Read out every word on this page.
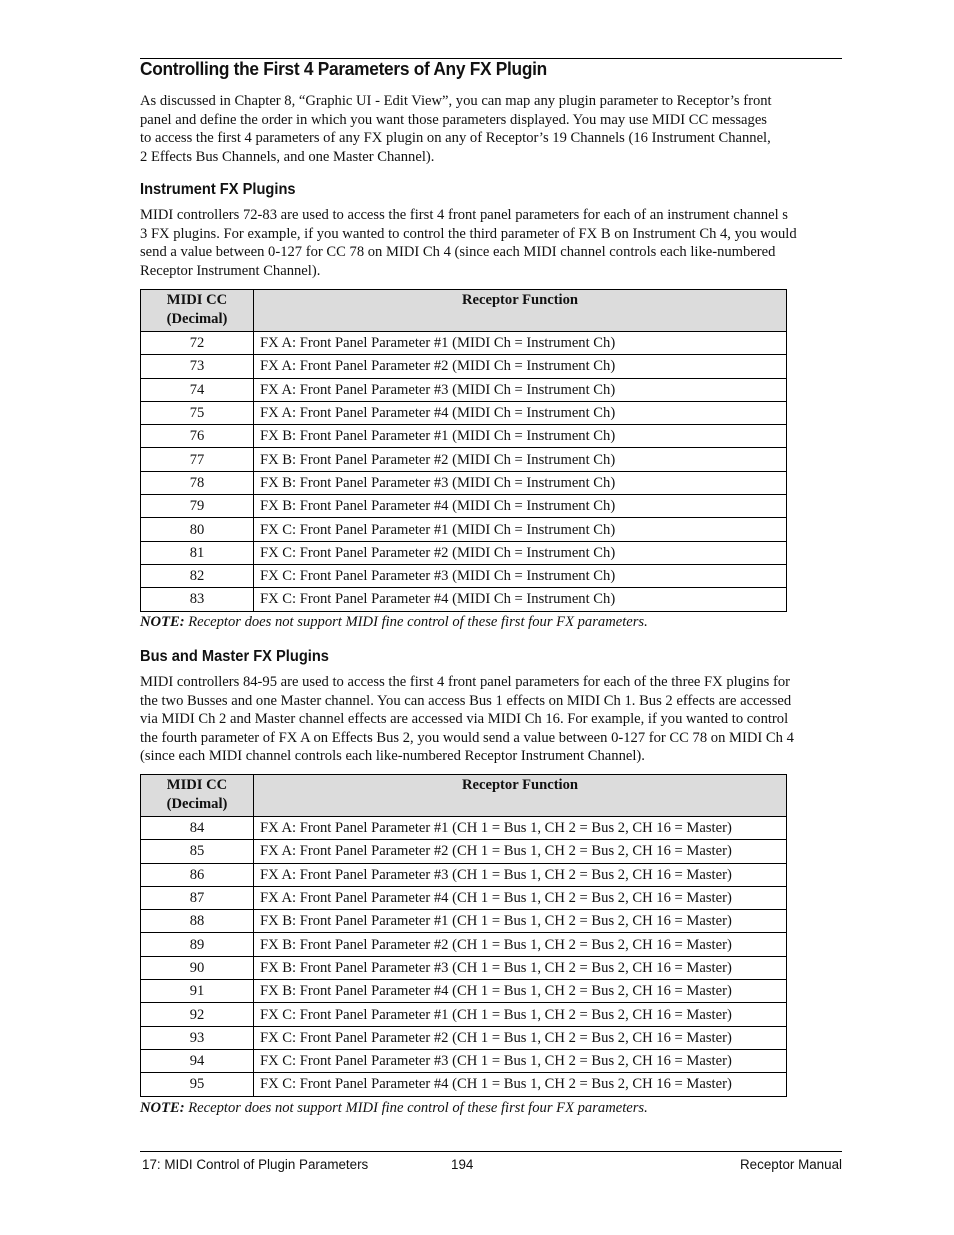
Controlling the First 4 Parameters of Any FX Plugin
As discussed in Chapter 8, “Graphic UI - Edit View”, you can map any plugin parameter to Receptor’s front
panel and define the order in which you want those parameters displayed. You may use MIDI CC messages
to access the first 4 parameters of any FX plugin on any of Receptor’s 19 Channels (16 Instrument Channel,
2 Effects Bus Channels, and one Master Channel).
Instrument FX Plugins
MIDI controllers 72-83 are used to access the first 4 front panel parameters for each of an instrument channel s
3 FX plugins. For example, if you wanted to control the third parameter of FX B on Instrument Ch 4, you would
send a value between 0-127 for CC 78 on MIDI Ch 4 (since each MIDI channel controls each like-numbered
Receptor Instrument Channel).
MIDI CC
(Decimal)	Receptor Function
72	FX A: Front Panel Parameter #1 (MIDI Ch = Instrument Ch)
73	FX A: Front Panel Parameter #2 (MIDI Ch = Instrument Ch)
74	FX A: Front Panel Parameter #3 (MIDI Ch = Instrument Ch)
75	FX A: Front Panel Parameter #4 (MIDI Ch = Instrument Ch)
76	FX B: Front Panel Parameter #1 (MIDI Ch = Instrument Ch)
77	FX B: Front Panel Parameter #2 (MIDI Ch = Instrument Ch)
78	FX B: Front Panel Parameter #3 (MIDI Ch = Instrument Ch)
79	FX B: Front Panel Parameter #4 (MIDI Ch = Instrument Ch)
80	FX C: Front Panel Parameter #1 (MIDI Ch = Instrument Ch)
81	FX C: Front Panel Parameter #2 (MIDI Ch = Instrument Ch)
82	FX C: Front Panel Parameter #3 (MIDI Ch = Instrument Ch)
83	FX C: Front Panel Parameter #4 (MIDI Ch = Instrument Ch)
NOTE: Receptor does not support MIDI fine control of these first four FX parameters.
Bus and Master FX Plugins
MIDI controllers 84-95 are used to access the first 4 front panel parameters for each of the three FX plugins for
the two Busses and one Master channel. You can access Bus 1 effects on MIDI Ch 1. Bus 2 effects are accessed
via MIDI Ch 2 and Master channel effects are accessed via MIDI Ch 16. For example, if you wanted to control
the fourth parameter of FX A on Effects Bus 2, you would send a value between 0-127 for CC 78 on MIDI Ch 4
(since each MIDI channel controls each like-numbered Receptor Instrument Channel).
MIDI CC
(Decimal)	Receptor Function
84	FX A: Front Panel Parameter #1 (CH 1 = Bus 1, CH 2 = Bus 2, CH 16 = Master)
85	FX A: Front Panel Parameter #2 (CH 1 = Bus 1, CH 2 = Bus 2, CH 16 = Master)
86	FX A: Front Panel Parameter #3 (CH 1 = Bus 1, CH 2 = Bus 2, CH 16 = Master)
87	FX A: Front Panel Parameter #4 (CH 1 = Bus 1, CH 2 = Bus 2, CH 16 = Master)
88	FX B: Front Panel Parameter #1 (CH 1 = Bus 1, CH 2 = Bus 2, CH 16 = Master)
89	FX B: Front Panel Parameter #2 (CH 1 = Bus 1, CH 2 = Bus 2, CH 16 = Master)
90	FX B: Front Panel Parameter #3 (CH 1 = Bus 1, CH 2 = Bus 2, CH 16 = Master)
91	FX B: Front Panel Parameter #4 (CH 1 = Bus 1, CH 2 = Bus 2, CH 16 = Master)
92	FX C: Front Panel Parameter #1 (CH 1 = Bus 1, CH 2 = Bus 2, CH 16 = Master)
93	FX C: Front Panel Parameter #2 (CH 1 = Bus 1, CH 2 = Bus 2, CH 16 = Master)
94	FX C: Front Panel Parameter #3 (CH 1 = Bus 1, CH 2 = Bus 2, CH 16 = Master)
95	FX C: Front Panel Parameter #4 (CH 1 = Bus 1, CH 2 = Bus 2, CH 16 = Master)
NOTE: Receptor does not support MIDI fine control of these first four FX parameters.
17: MIDI Control of Plugin Parameters	194	Receptor Manual
